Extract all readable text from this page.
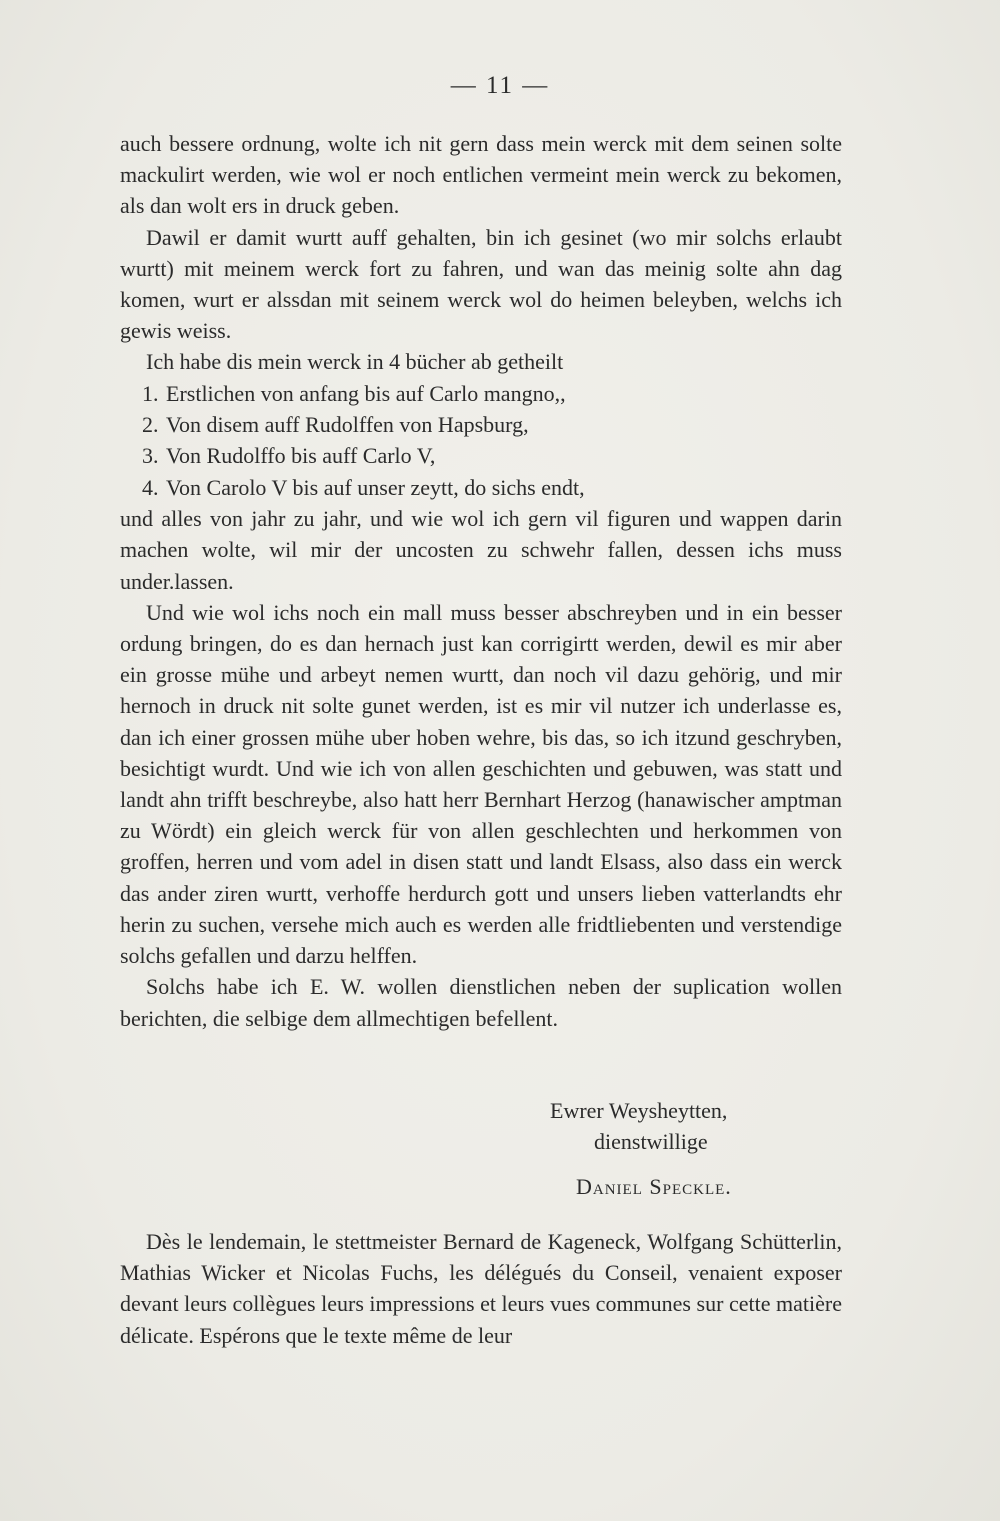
— 11 —

auch bessere ordnung, wolte ich nit gern dass mein werck mit dem seinen solte mackulirt werden, wie wol er noch entlichen vermeint mein werck zu bekomen, als dan wolt ers in druck geben.

Dawil er damit wurtt auff gehalten, bin ich gesinet (wo mir solchs erlaubt wurtt) mit meinem werck fort zu fahren, und wan das meinig solte ahn dag komen, wurt er alssdan mit seinem werck wol do heimen beleyben, welchs ich gewis weiss.

Ich habe dis mein werck in 4 bücher ab getheilt

1. Erstlichen von anfang bis auf Carlo mangno,,
2. Von disem auff Rudolffen von Hapsburg,
3. Von Rudolffo bis auff Carlo V,
4. Von Carolo V bis auf unser zeytt, do sichs endt,

und alles von jahr zu jahr, und wie wol ich gern vil figuren und wappen darin machen wolte, wil mir der uncosten zu schwehr fallen, dessen ichs muss under.lassen.

Und wie wol ichs noch ein mall muss besser abschreyben und in ein besser ordung bringen, do es dan hernach just kan corrigirtt werden, dewil es mir aber ein grosse mühe und arbeyt nemen wurtt, dan noch vil dazu gehörig, und mir hernoch in druck nit solte gunet werden, ist es mir vil nutzer ich underlasse es, dan ich einer grossen mühe uber hoben wehre, bis das, so ich itzund geschryben, besichtigt wurdt. Und wie ich von allen geschichten und gebuwen, was statt und landt ahn trifft beschreybe, also hatt herr Bernhart Herzog (hanawischer amptman zu Wördt) ein gleich werck für von allen geschlechten und herkommen von groffen, herren und vom adel in disen statt und landt Elsass, also dass ein werck das ander ziren wurtt, verhoffe herdurch gott und unsers lieben vatterlandts ehr herin zu suchen, versehe mich auch es werden alle fridtliebenten und verstendige solchs gefallen und darzu helffen.

Solchs habe ich E. W. wollen dienstlichen neben der suplication wollen berichten, die selbige dem allmechtigen befellent.

Ewrer Weysheytten,
dienstwillige
Daniel Speckle.

Dès le lendemain, le stettmeister Bernard de Kageneck, Wolfgang Schütterlin, Mathias Wicker et Nicolas Fuchs, les délégués du Conseil, venaient exposer devant leurs collègues leurs impressions et leurs vues communes sur cette matière délicate. Espérons que le texte même de leur
